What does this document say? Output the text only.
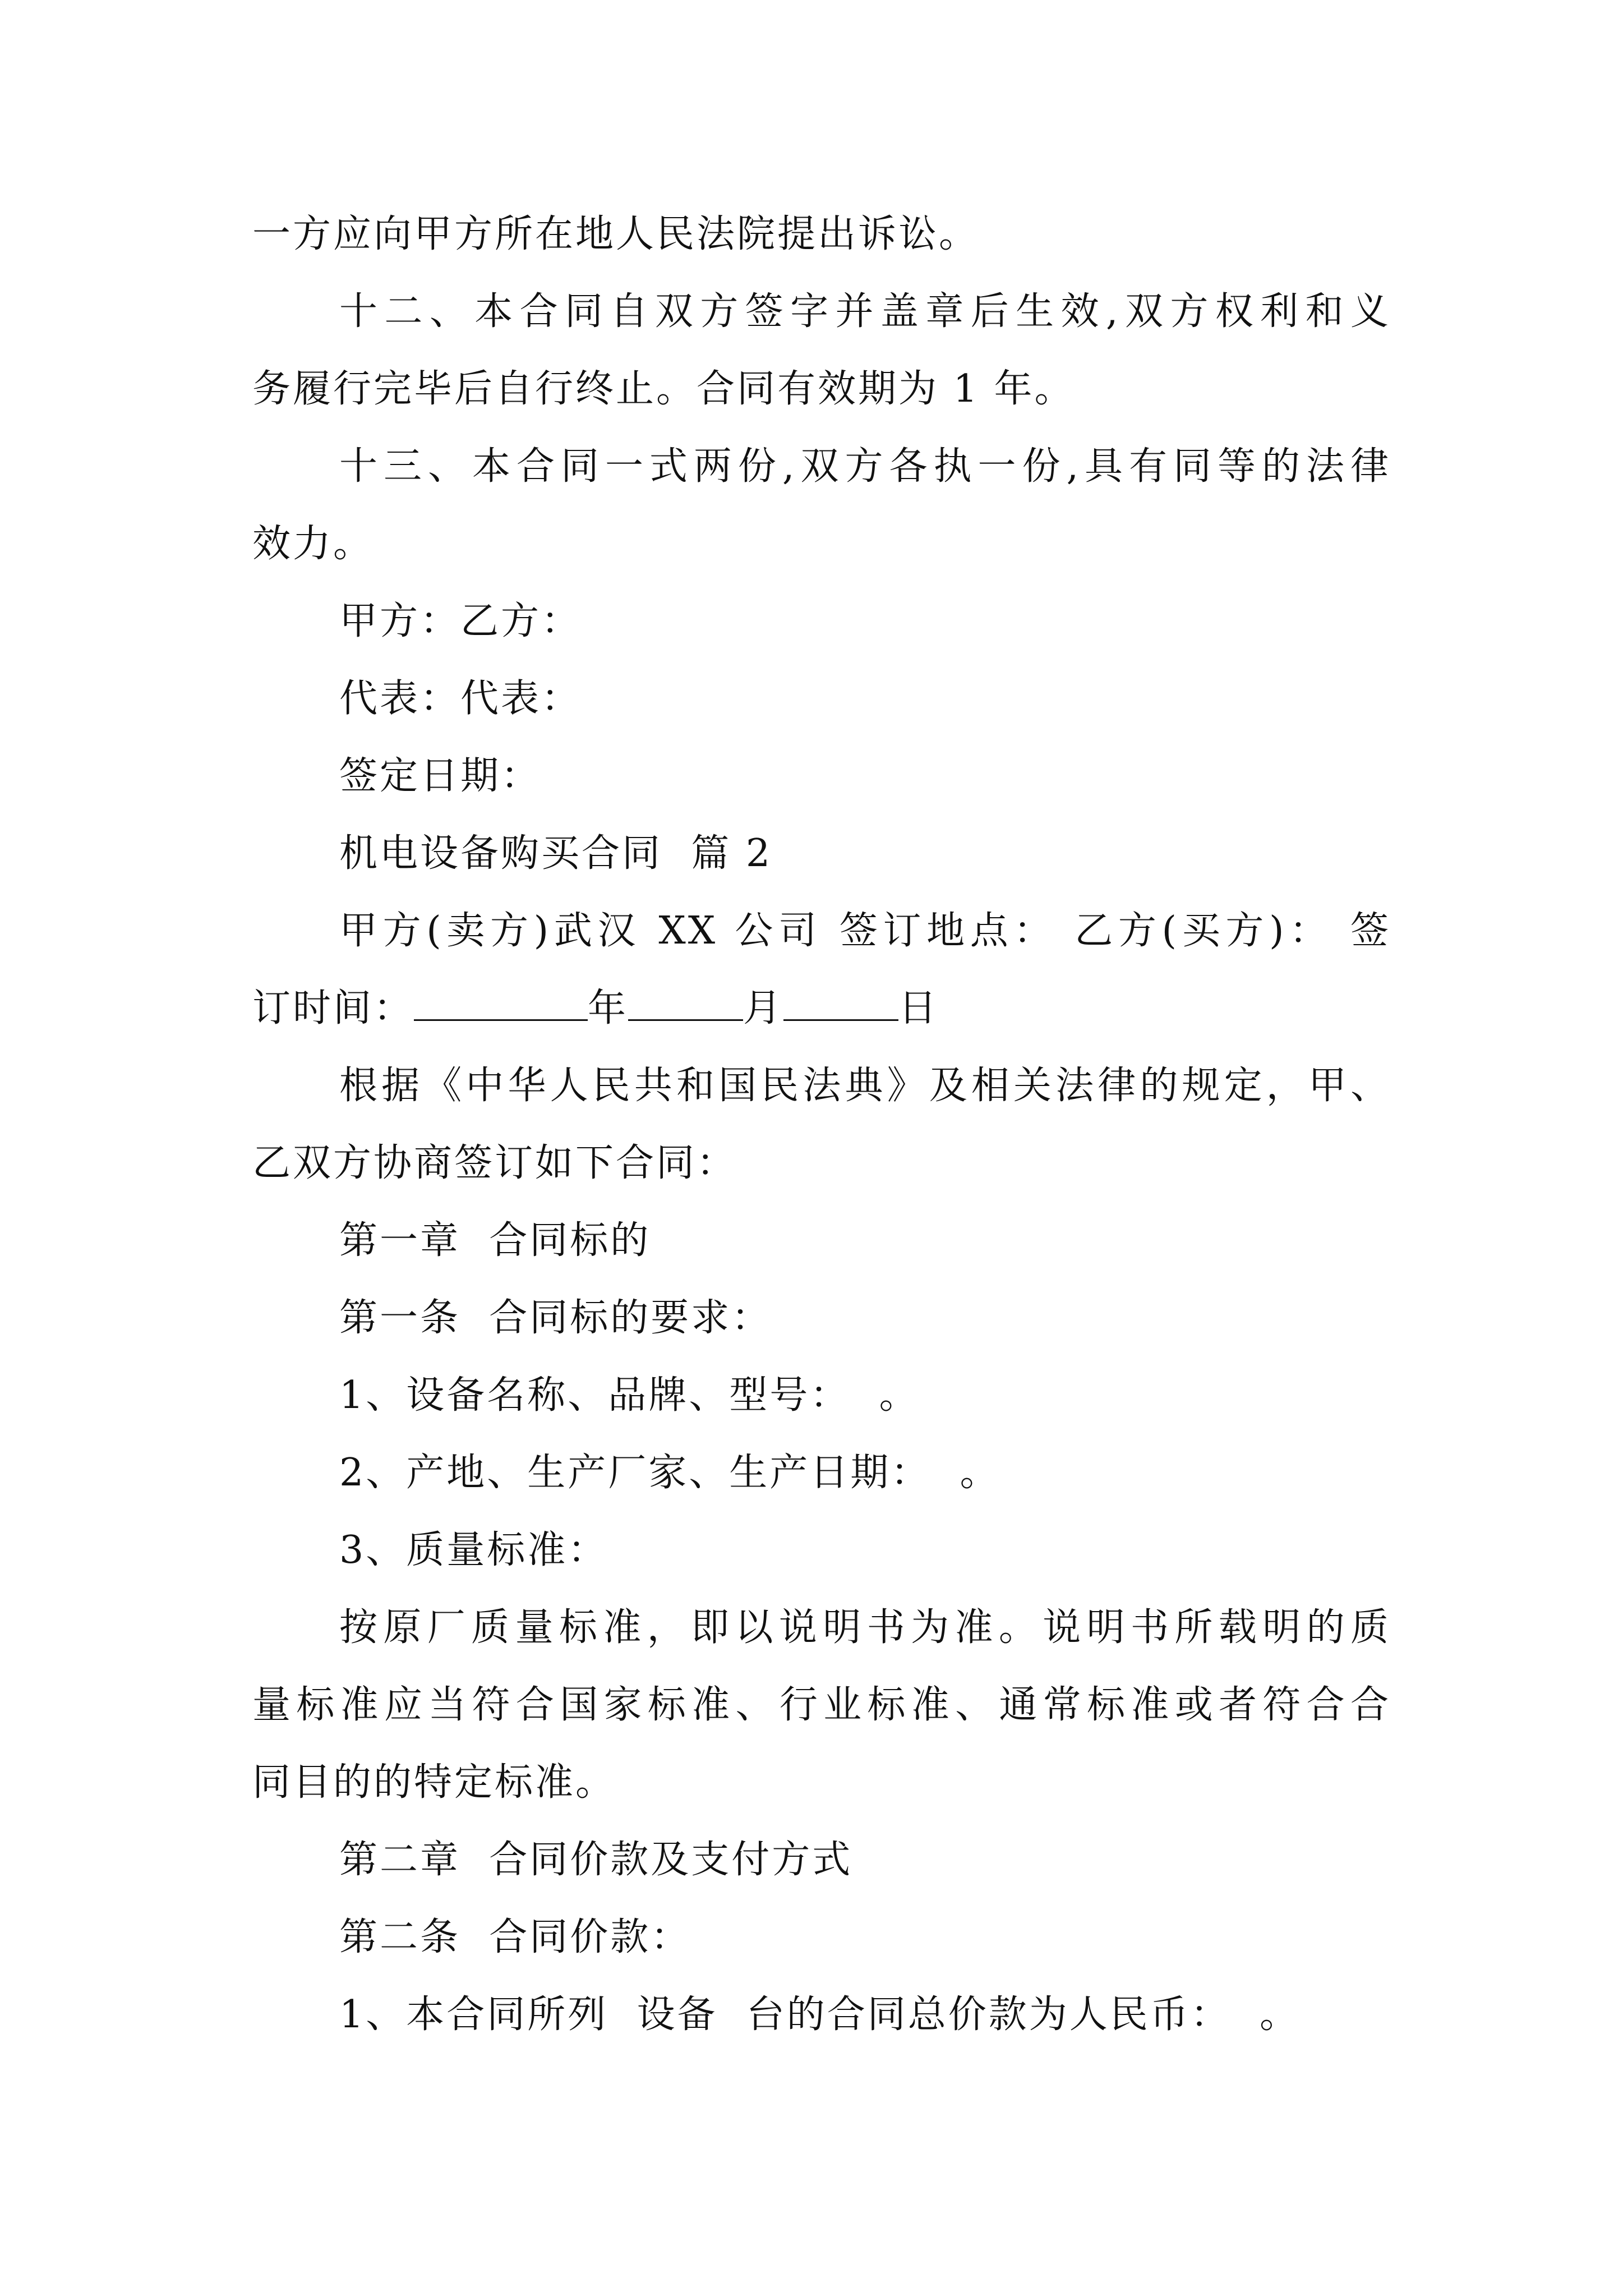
一方应向甲方所在地人民法院提出诉讼。
十二、本合同自双方签字并盖章后生效,双方权利和义
务履行完毕后自行终止。合同有效期为 1 年。
十三、本合同一式两份,双方各执一份,具有同等的法律
效力。
甲方：乙方：
代表：代表：
签定日期：
机电设备购买合同  篇 2
甲方(卖方)武汉 XX 公司 签订地点： 乙方(买方)： 签
订时间：	年	月	日
根据《中华人民共和国民法典》及相关法律的规定，甲、
乙双方协商签订如下合同：
第一章  合同标的
第一条  合同标的要求：
1、设备名称、品牌、型号：  。
2、产地、生产厂家、生产日期：  。
3、质量标准：
按原厂质量标准，即以说明书为准。说明书所载明的质
量标准应当符合国家标准、行业标准、通常标准或者符合合
同目的的特定标准。
第二章  合同价款及支付方式
第二条  合同价款：
1、本合同所列  设备  台的合同总价款为人民币：  。
